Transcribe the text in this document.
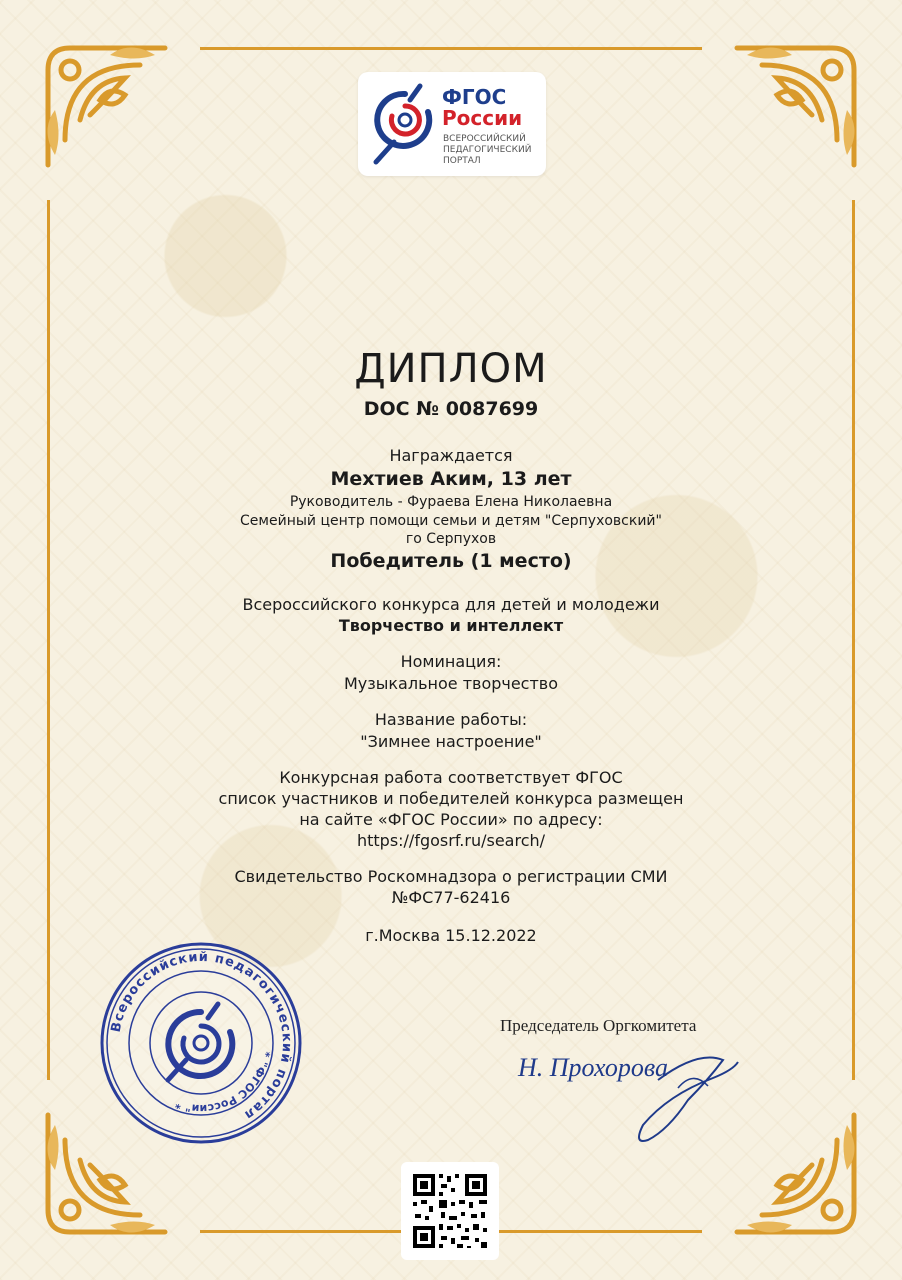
ФГОС
России
ВСЕРОССИЙСКИЙ ПЕДАГОГИЧЕСКИЙ ПОРТАЛ
ДИПЛОМ
DOC № 0087699
Награждается
Мехтиев Аким, 13 лет
Руководитель - Фураева Елена Николаевна
Семейный центр помощи семьи и детям "Серпуховский"
го Серпухов
Победитель (1 место)
Всероссийского конкурса для детей и молодежи
Творчество и интеллект
Номинация:
Музыкальное творчество
Название работы:
"Зимнее настроение"
Конкурсная работа соответствует ФГОС
список участников и победителей конкурса размещен
на сайте «ФГОС России» по адресу:
https://fgosrf.ru/search/
Свидетельство Роскомнадзора о регистрации СМИ
№ФС77-62416
г.Москва 15.12.2022
Всероссийский педагогический портал
* "ФГОС России" *
Председатель Оргкомитета
Н. Прохорова
